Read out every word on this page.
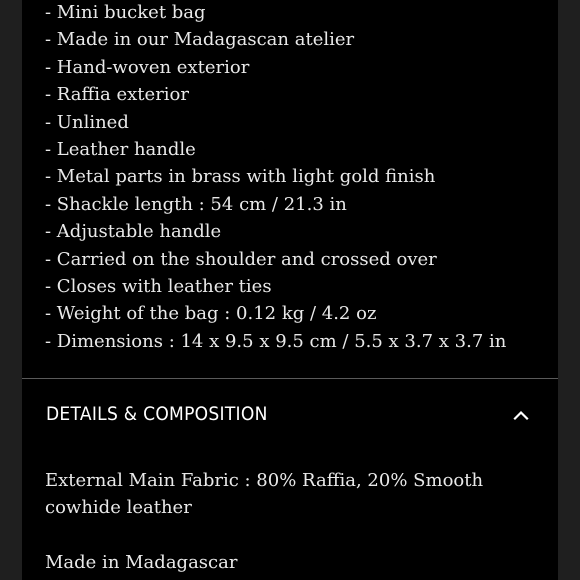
- Mini bucket bag
- Made in our Madagascan atelier
- Hand-woven exterior
- Raffia exterior
- Unlined
- Leather handle
- Metal parts in brass with light gold finish
- Shackle length : 54 cm / 21.3 in
- Adjustable handle
- Carried on the shoulder and crossed over
- Closes with leather ties
- Weight of the bag : 0.12 kg / 4.2 oz
- Dimensions : 14 x 9.5 x 9.5 cm / 5.5 x 3.7 x 3.7 in
DETAILS & COMPOSITION

External Main Fabric : 80% Raffia, 20% Smooth cowhide leather

Made in Madagascar
